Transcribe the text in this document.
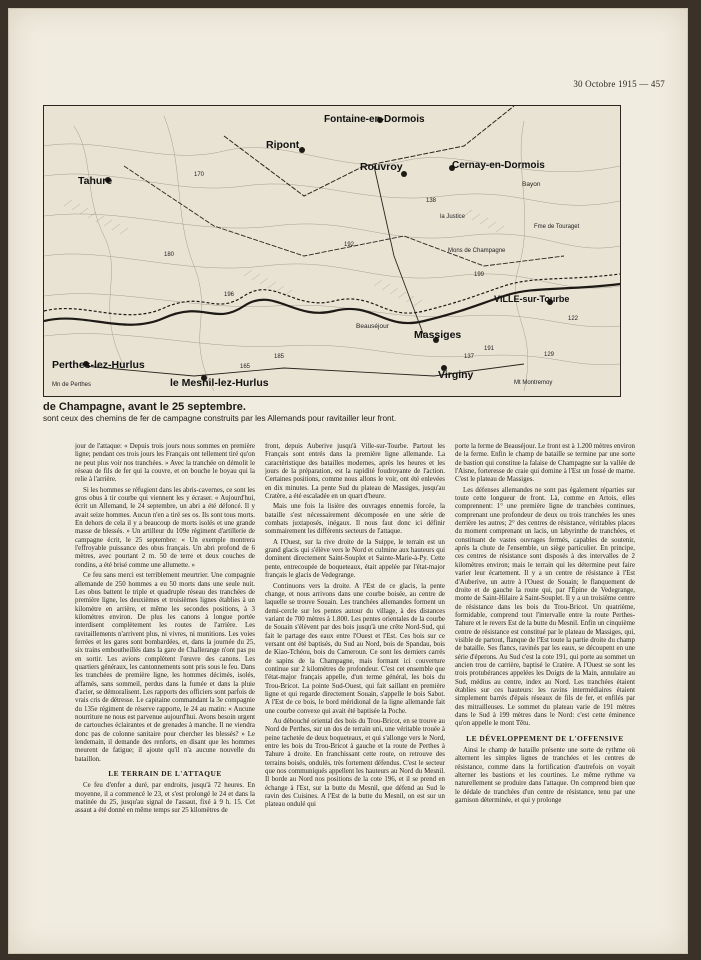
30 Octobre 1915 — 457
Fontaine-en-Dormois
Cernay-en-Dormois
Rouvroy
Ripont
Tahure
Massiges
VILLE-sur-Tourbe
Virginy
Perthes-lez-Hurlus
le Mesnil-lez-Hurlus
Beauséjour
Bayon
Fme de Touraget
la Justice
Mons de Champagne
Mn de Perthes	Mt Montremoy
180
185
196
191
192
199
138
122
137
165
129
170
de Champagne, avant le 25 septembre.
sont ceux des chemins de fer de campagne construits par les Allemands pour ravitailler leur front.

jour de l'attaque: « Depuis trois jours nous sommes en première ligne; pendant ces trois jours les Français ont tellement tiré qu'on ne peut plus voir nos tranchées. » Avec la tranchée on démolit le réseau de fils de fer qui la couvre, et on bouche le boyau qui la relie à l'arrière.

Si les hommes se réfugient dans les abris-cavernes, ce sont les gros obus à tir courbe qui viennent les y écraser. « Aujourd'hui, écrit un Allemand, le 24 septembre, un abri a été défoncé. Il y avait seize hommes. Aucun n'en a tiré ses os. Ils sont tous morts. En dehors de cela il y a beaucoup de morts isolés et une grande masse de blessés. » Un artilleur du 109e régiment d'artillerie de campagne écrit, le 25 septembre: « Un exemple montrera l'effroyable puissance des obus français. Un abri profond de 6 mètres, avec pourtant 2 m. 50 de terre et deux couches de rondins, a été brisé comme une allumette. »

Ce feu sans merci est terriblement meurtrier. Une compagnie allemande de 250 hommes a eu 50 morts dans une seule nuit. Les obus battent le triple et quadruple réseau des tranchées de première ligne, les deuxièmes et troisièmes lignes établies à un kilomètre en arrière, et même les secondes positions, à 3 kilomètres environ. De plus les canons à longue portée interdisent complètement les routes de l'arrière. Les ravitaillements n'arrivent plus, ni vivres, ni munitions. Les voies ferrées et les gares sont bombardées, et, dans la journée du 25, six trains emboutheillés dans la gare de Challerange n'ont pas pu en sortir. Les avions complètent l'œuvre des canons. Les quartiers généraux, les cantonnements sont pris sous le feu. Dans les tranchées de première ligne, les hommes décimés, isolés, affamés, sans sommeil, perdus dans la fumée et dans la pluie d'acier, se démoralisent. Les rapports des officiers sont parfois de vrais cris de détresse. Le capitaine commandant la 3e compagnie du 135e régiment de réserve rapporte, le 24 au matin: « Aucune nourriture ne nous est parvenue aujourd'hui. Avons besoin urgent de cartouches éclairantes et de grenades à manche. Il ne viendra donc pas de colonne sanitaire pour chercher les blessés? » Le lendemain, il demande des renforts, en disant que les hommes meurent de fatigue; il ajoute qu'il n'a aucune nouvelle du bataillon.

LE TERRAIN DE L'ATTAQUE

Ce feu d'enfer a duré, par endroits, jusqu'à 72 heures. En moyenne, il a commencé le 23, et s'est prolongé le 24 et dans la matinée du 25, jusqu'au signal de l'assaut, fixé à 9 h. 15. Cet assaut a été donné en même temps sur 25 kilomètres de

front, depuis Auberive jusqu'à Ville-sur-Tourbe. Partout les Français sont entrés dans la première ligne allemande. La caractéristique des batailles modernes, après les heures et les jours de la préparation, est la rapidité foudroyante de l'action. Certaines positions, comme nous allons le voir, ont été enlevées en dix minutes. La pente Sud du plateau de Massiges, jusqu'au Cratère, a été escaladée en un quart d'heure.

Mais une fois la lisière des ouvrages ennemis forcée, la bataille s'est nécessairement décomposée en une série de combats juxtaposés, inégaux. Il nous faut donc ici définir sommairement les différents secteurs de l'attaque.

A l'Ouest, sur la rive droite de la Suippe, le terrain est un grand glacis qui s'élève vers le Nord et culmine aux hauteurs qui dominent directement Saint-Souplet et Sainte-Marie-à-Py. Cette pente, entrecoupée de boqueteaux, était appelée par l'état-major français le glacis de Vedegrange.

Continuons vers la droite. A l'Est de ce glacis, la pente change, et nous arrivons dans une courbe boisée, au centre de laquelle se trouve Souain. Les tranchées allemandes forment un demi-cercle sur les pentes autour du village, à des distances variant de 700 mètres à 1.800. Les pentes orientales de la courbe de Souain s'élèvent par des bois jusqu'à une crête Nord-Sud, qui fait le partage des eaux entre l'Ouest et l'Est. Ces bois sur ce versant ont été baptisés, du Sud au Nord, bois de Spandau, bois de Kiao-Tchéou, bois du Cameroun. Ce sont les derniers carrés de sapins de la Champagne, mais formant ici couverture continue sur 2 kilomètres de profondeur. C'est cet ensemble que l'état-major français appelle, d'un terme général, les bois du Trou-Bricot. La pointe Sud-Ouest, qui fait saillant en première ligne et qui regarde directement Souain, s'appelle le bois Sabot. A l'Est de ce bois, le bord méridional de la ligne allemande fait une courbe convexe qui avait été baptisée la Poche.

Au débouché oriental des bois du Trou-Bricot, en se trouve au Nord de Perthes, sur un dos de terrain uni, une véritable trouée à peine tachetée de deux boqueteaux, et qui s'allonge vers le Nord, entre les bois du Trou-Bricot à gauche et la route de Perthes à Tahure à droite. En franchissant cette route, on retrouve des terrains boisés, ondulés, très fortement défendus. C'est le secteur que nos communiqués appellent les hauteurs au Nord du Mesnil. Il borde au Nord nos positions de la cote 196, et il se prend en échange à l'Est, sur la butte du Mesnil, que défend au Sud le ravin des Cuisines. A l'Est de la butte du Mesnil, on est sur un plateau ondulé qui

porte la ferme de Beauséjour. Le front est à 1.200 mètres environ de la ferme. Enfin le champ de bataille se termine par une sorte de bastion qui constitue la falaise de Champagne sur la vallée de l'Aisne, forteresse de craie qui domine à l'Est un fossé de marne. C'est le plateau de Massiges.

Les défenses allemandes ne sont pas également réparties sur toute cette longueur de front. Là, comme en Artois, elles comprennent: 1° une première ligne de tranchées continues, comprenant une profondeur de deux ou trois tranchées les unes derrière les autres; 2° des centres de résistance, véritables places du moment comprenant un lacis, un labyrinthe de tranchées, et constituant de vastes ouvrages fermés, capables de soutenir, après la chute de l'ensemble, un siège particulier. En principe, ces centres de résistance sont disposés à des intervalles de 2 kilomètres environ; mais le terrain qui les détermine peut faire varier leur écartement. Il y a un centre de résistance à l'Est d'Auberive, un autre à l'Ouest de Souain; le flanquement de droite et de gauche la route qui, par l'Épine de Vedegrange, monte de Saint-Hilaire à Saint-Souplet. Il y a un troisième centre de résistance dans les bois du Trou-Bricot. Un quatrième, formidable, comprend tout l'intervalle entre la route Perthes-Tahure et le revers Est de la butte du Mesnil. Enfin un cinquième centre de résistance est constitué par le plateau de Massiges, qui, visible de partout, flanque de l'Est toute la partie droite du champ de bataille. Ses flancs, ravinés par les eaux, se découpent en une série d'éperons. Au Sud c'est la cote 191, qui porte au sommet un ancien trou de carrière, baptisé le Cratère. A l'Ouest se sont les trois protubérances appelées les Doigts de la Main, annulaire au Sud, médius au centre, index au Nord. Les tranchées étaient établies sur ces hauteurs: les ravins intermédiaires étaient simplement barrés d'épais réseaux de fils de fer, et enfilés par des mitrailleuses. Le sommet du plateau varie de 191 mètres dans le Sud à 199 mètres dans le Nord: c'est cette éminence qu'on appelle le mont Têtu.

LE DÉVELOPPEMENT DE L'OFFENSIVE

Ainsi le champ de bataille présente une sorte de rythme où alternent les simples lignes de tranchées et les centres de résistance, comme dans la fortification d'autrefois on voyait alterner les bastions et les courtines. Le même rythme va naturellement se produire dans l'attaque. On comprend bien que le dédale de tranchées d'un centre de résistance, tenu par une garnison déterminée, et qui y prolonge
